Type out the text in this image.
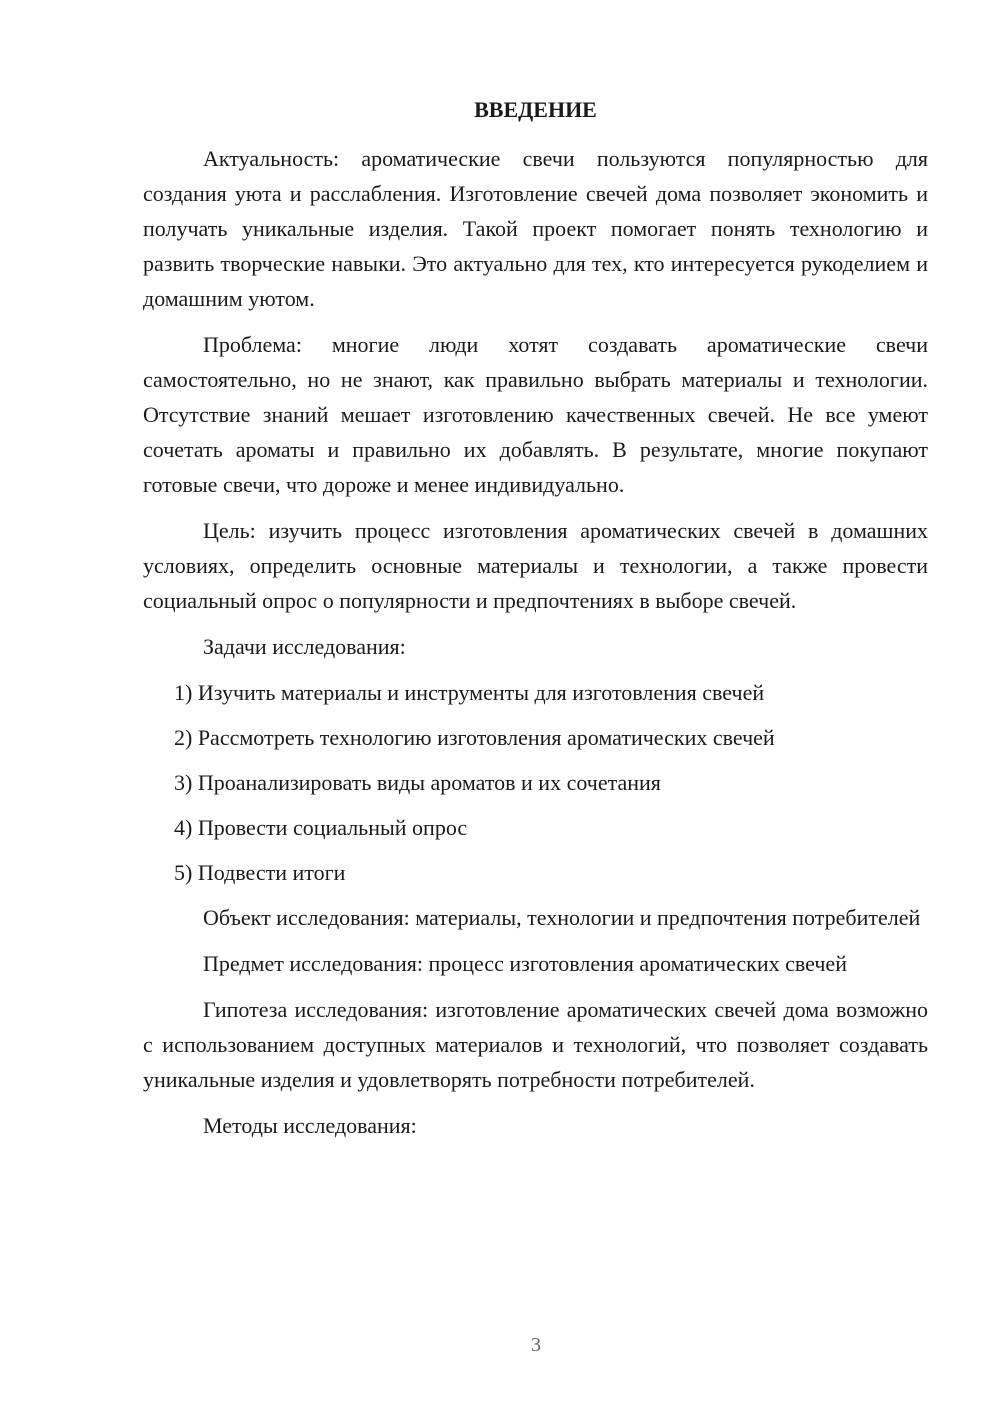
ВВЕДЕНИЕ

Актуальность: ароматические свечи пользуются популярностью для создания уюта и расслабления. Изготовление свечей дома позволяет экономить и получать уникальные изделия. Такой проект помогает понять технологию и развить творческие навыки. Это актуально для тех, кто интересуется рукоделием и домашним уютом.

Проблема: многие люди хотят создавать ароматические свечи самостоятельно, но не знают, как правильно выбрать материалы и технологии. Отсутствие знаний мешает изготовлению качественных свечей. Не все умеют сочетать ароматы и правильно их добавлять. В результате, многие покупают готовые свечи, что дороже и менее индивидуально.

Цель: изучить процесс изготовления ароматических свечей в домашних условиях, определить основные материалы и технологии, а также провести социальный опрос о популярности и предпочтениях в выборе свечей.

Задачи исследования:

1) Изучить материалы и инструменты для изготовления свечей
2) Рассмотреть технологию изготовления ароматических свечей
3) Проанализировать виды ароматов и их сочетания
4) Провести социальный опрос
5) Подвести итоги

Объект исследования: материалы, технологии и предпочтения потребителей

Предмет исследования: процесс изготовления ароматических свечей

Гипотеза исследования: изготовление ароматических свечей дома возможно с использованием доступных материалов и технологий, что позволяет создавать уникальные изделия и удовлетворять потребности потребителей.

Методы исследования:

3
